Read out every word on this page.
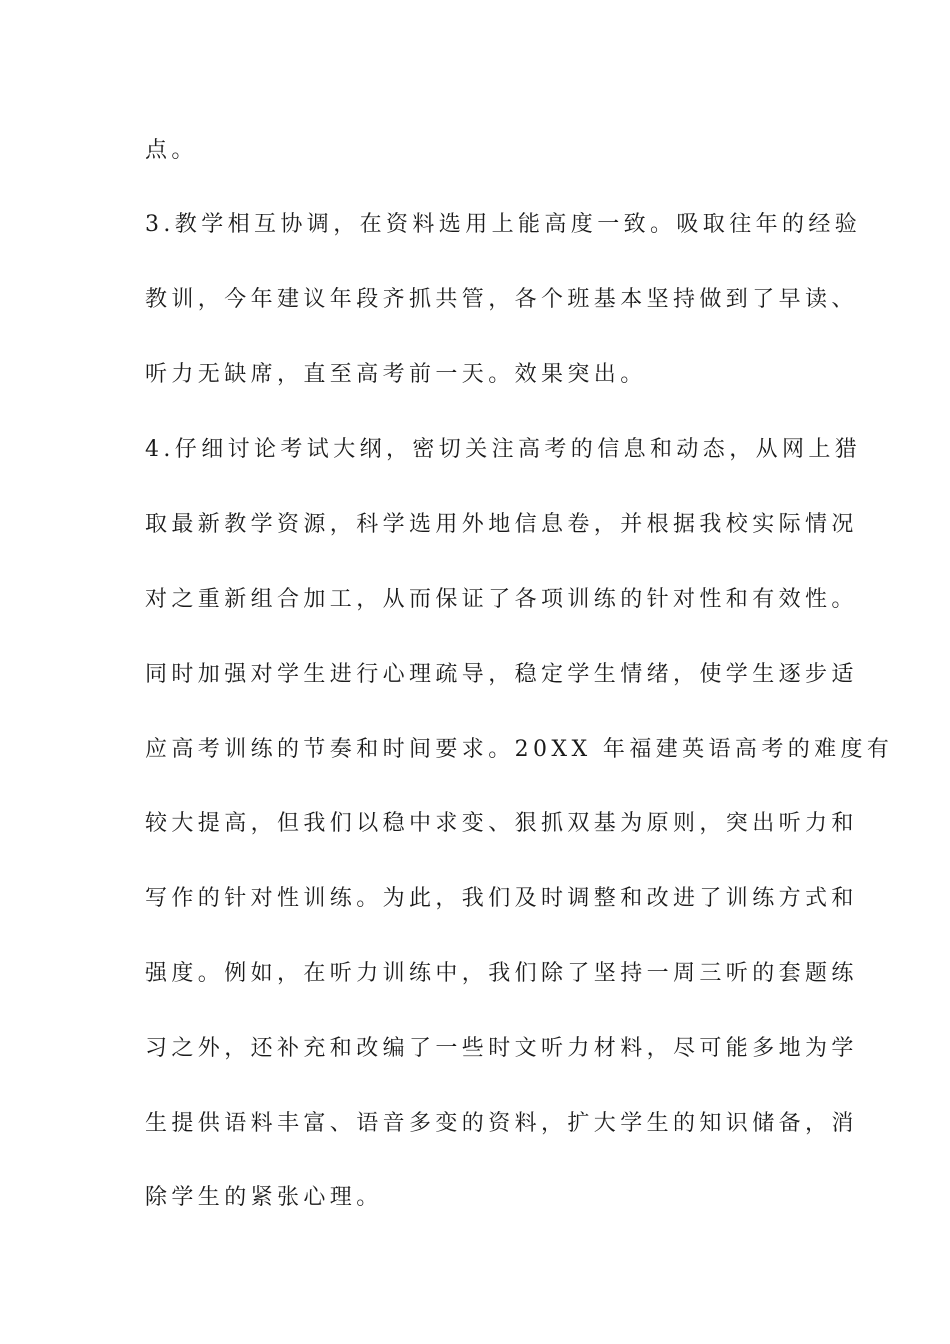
点。
3.教学相互协调，在资料选用上能高度一致。吸取往年的经验
教训，今年建议年段齐抓共管，各个班基本坚持做到了早读、
听力无缺席，直至高考前一天。效果突出。
4.仔细讨论考试大纲，密切关注高考的信息和动态，从网上猎
取最新教学资源，科学选用外地信息卷，并根据我校实际情况
对之重新组合加工，从而保证了各项训练的针对性和有效性。
同时加强对学生进行心理疏导，稳定学生情绪，使学生逐步适
应高考训练的节奏和时间要求。20XX 年福建英语高考的难度有
较大提高，但我们以稳中求变、狠抓双基为原则，突出听力和
写作的针对性训练。为此，我们及时调整和改进了训练方式和
强度。例如，在听力训练中，我们除了坚持一周三听的套题练
习之外，还补充和改编了一些时文听力材料，尽可能多地为学
生提供语料丰富、语音多变的资料，扩大学生的知识储备，消
除学生的紧张心理。
